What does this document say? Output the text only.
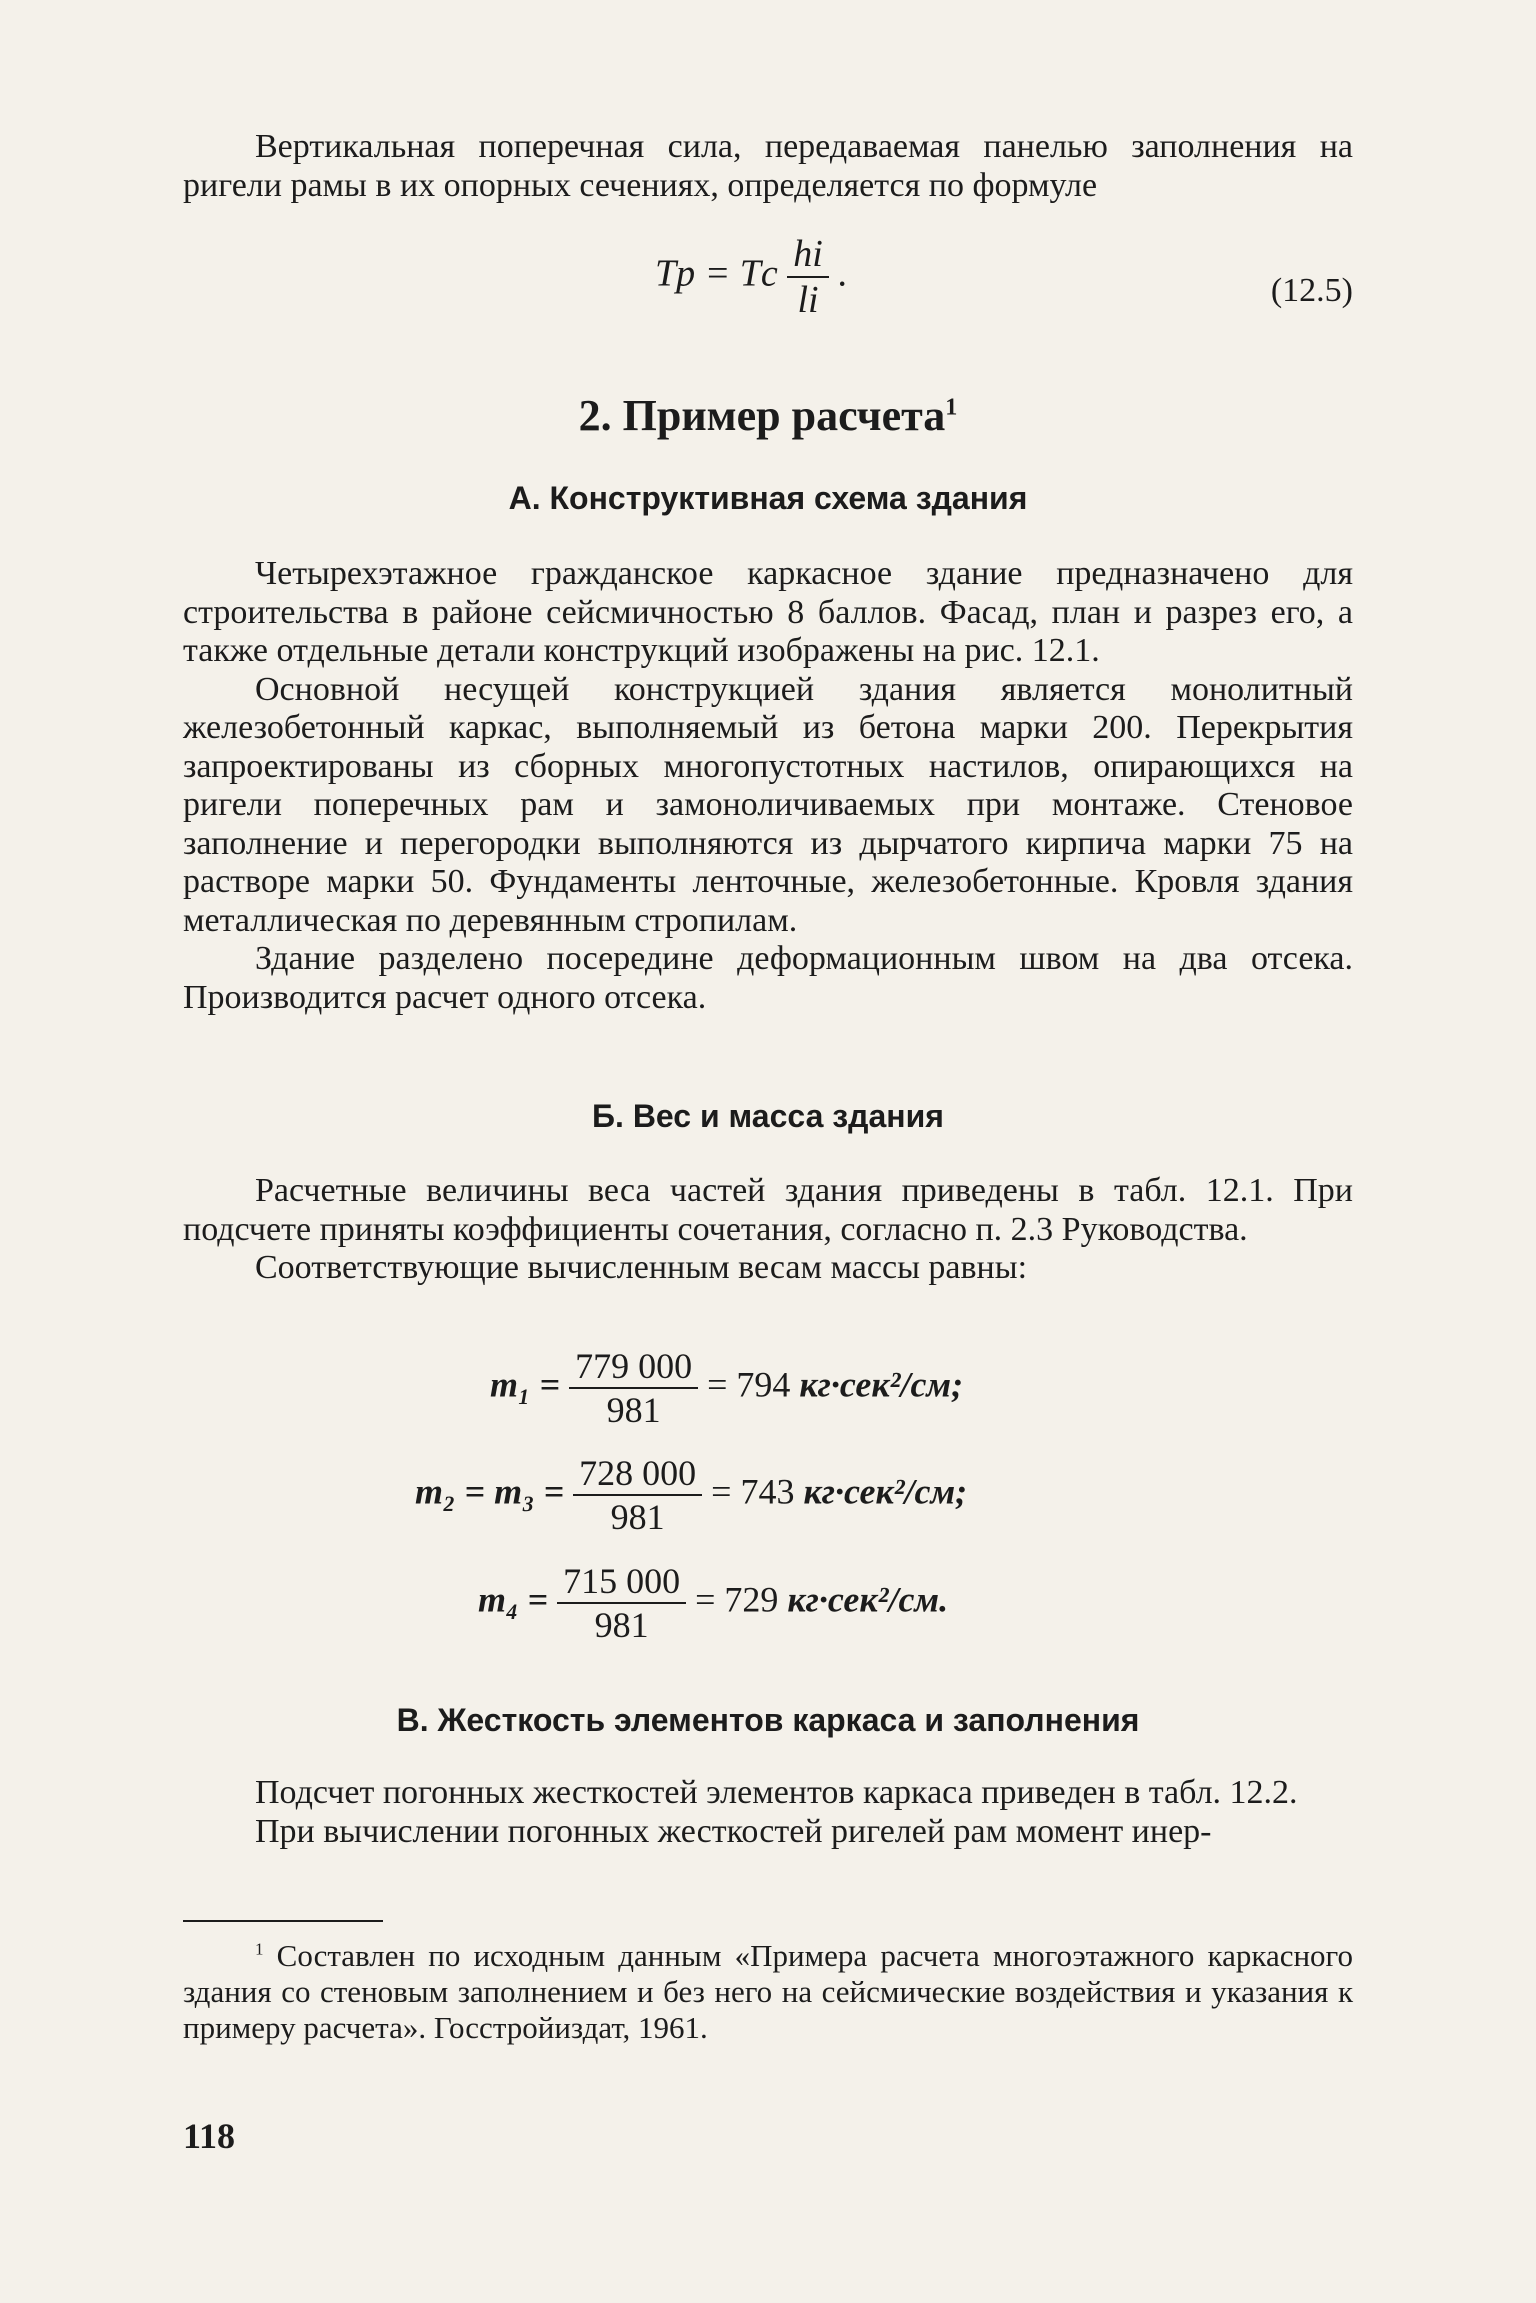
Вертикальная поперечная сила, передаваемая панелью заполнения на ригели рамы в их опорных сечениях, определяется по формуле

Tр = Tс $\frac{hi}{li}$ .	(12.5)
2. Пример расчета$^1$
А. Конструктивная схема здания

Четырехэтажное гражданское каркасное здание предназначено для строительства в районе сейсмичностью 8 баллов. Фасад, план и разрез его, а также отдельные детали конструкций изображены на рис. 12.1.

Основной несущей конструкцией здания является монолитный железобетонный каркас, выполняемый из бетона марки 200. Перекрытия запроектированы из сборных многопустотных настилов, опирающихся на ригели поперечных рам и замоноличиваемых при монтаже. Стеновое заполнение и перегородки выполняются из дырчатого кирпича марки 75 на растворе марки 50. Фундаменты ленточные, железобетонные. Кровля здания металлическая по деревянным стропилам.

Здание разделено посередине деформационным швом на два отсека. Производится расчет одного отсека.

Б. Вес и масса здания

Расчетные величины веса частей здания приведены в табл. 12.1. При подсчете приняты коэффициенты сочетания, согласно п. 2.3 Руководства.

Соответствующие вычисленным весам массы равны:

$m_1 = \frac{779 000}{981} = 794$ кг·сек²/см;
$m_2 = m_3 = \frac{728 000}{981} = 743$ кг·сек²/см;
$m_4 = \frac{715 000}{981} = 729$ кг·сек²/см.
В. Жесткость элементов каркаса и заполнения

Подсчет погонных жесткостей элементов каркаса приведен в табл. 12.2.

При вычислении погонных жесткостей ригелей рам момент инер-

$^1$ Составлен по исходным данным «Примера расчета многоэтажного каркасного здания со стеновым заполнением и без него на сейсмические воздействия и указания к примеру расчета». Госстройиздат, 1961.

118
